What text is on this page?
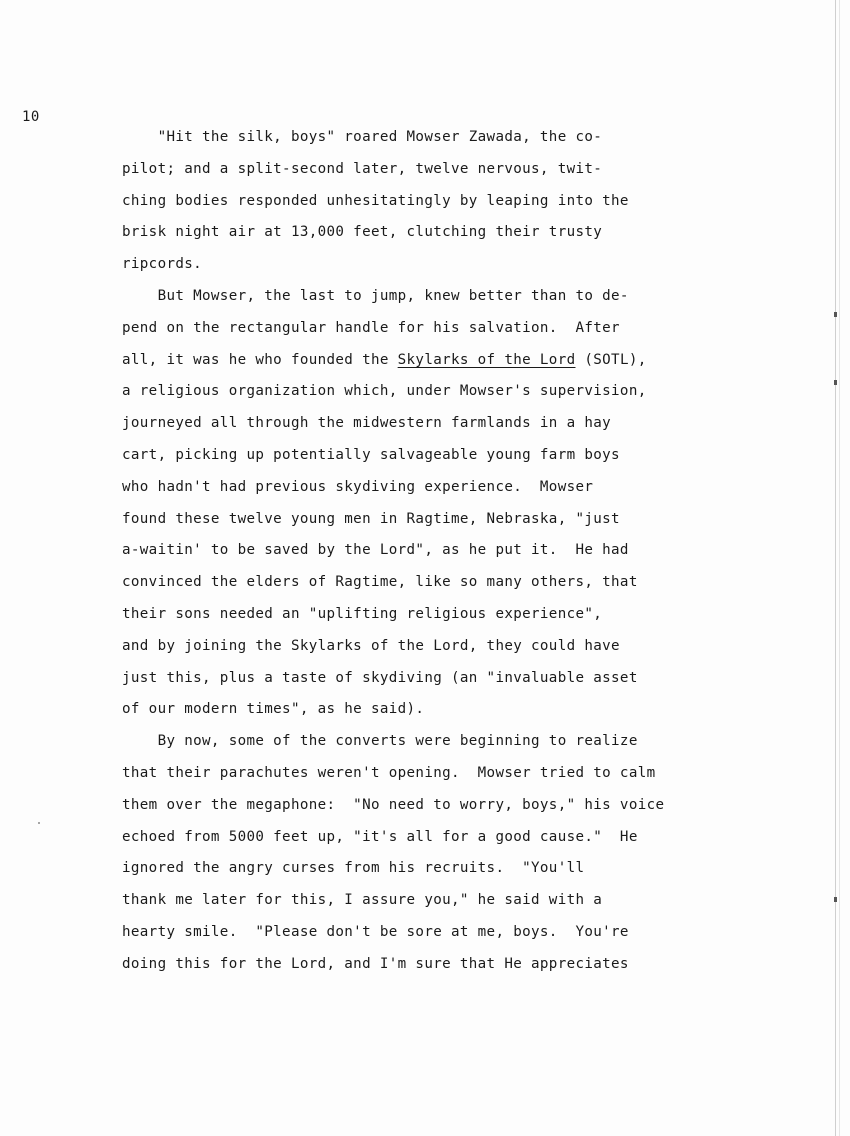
10
"Hit the silk, boys" roared Mowser Zawada, the co-
pilot; and a split-second later, twelve nervous, twit-
ching bodies responded unhesitatingly by leaping into the
brisk night air at 13,000 feet, clutching their trusty
ripcords.
But Mowser, the last to jump, knew better than to de-
pend on the rectangular handle for his salvation.  After
all, it was he who founded the Skylarks of the Lord (SOTL),
a religious organization which, under Mowser's supervision,
journeyed all through the midwestern farmlands in a hay
cart, picking up potentially salvageable young farm boys
who hadn't had previous skydiving experience.  Mowser
found these twelve young men in Ragtime, Nebraska, "just
a-waitin' to be saved by the Lord", as he put it.  He had
convinced the elders of Ragtime, like so many others, that
their sons needed an "uplifting religious experience",
and by joining the Skylarks of the Lord, they could have
just this, plus a taste of skydiving (an "invaluable asset
of our modern times", as he said).
By now, some of the converts were beginning to realize
that their parachutes weren't opening.  Mowser tried to calm
them over the megaphone:  "No need to worry, boys," his voice
echoed from 5000 feet up, "it's all for a good cause."  He
ignored the angry curses from his recruits.  "You'll
thank me later for this, I assure you," he said with a
hearty smile.  "Please don't be sore at me, boys.  You're
doing this for the Lord, and I'm sure that He appreciates
